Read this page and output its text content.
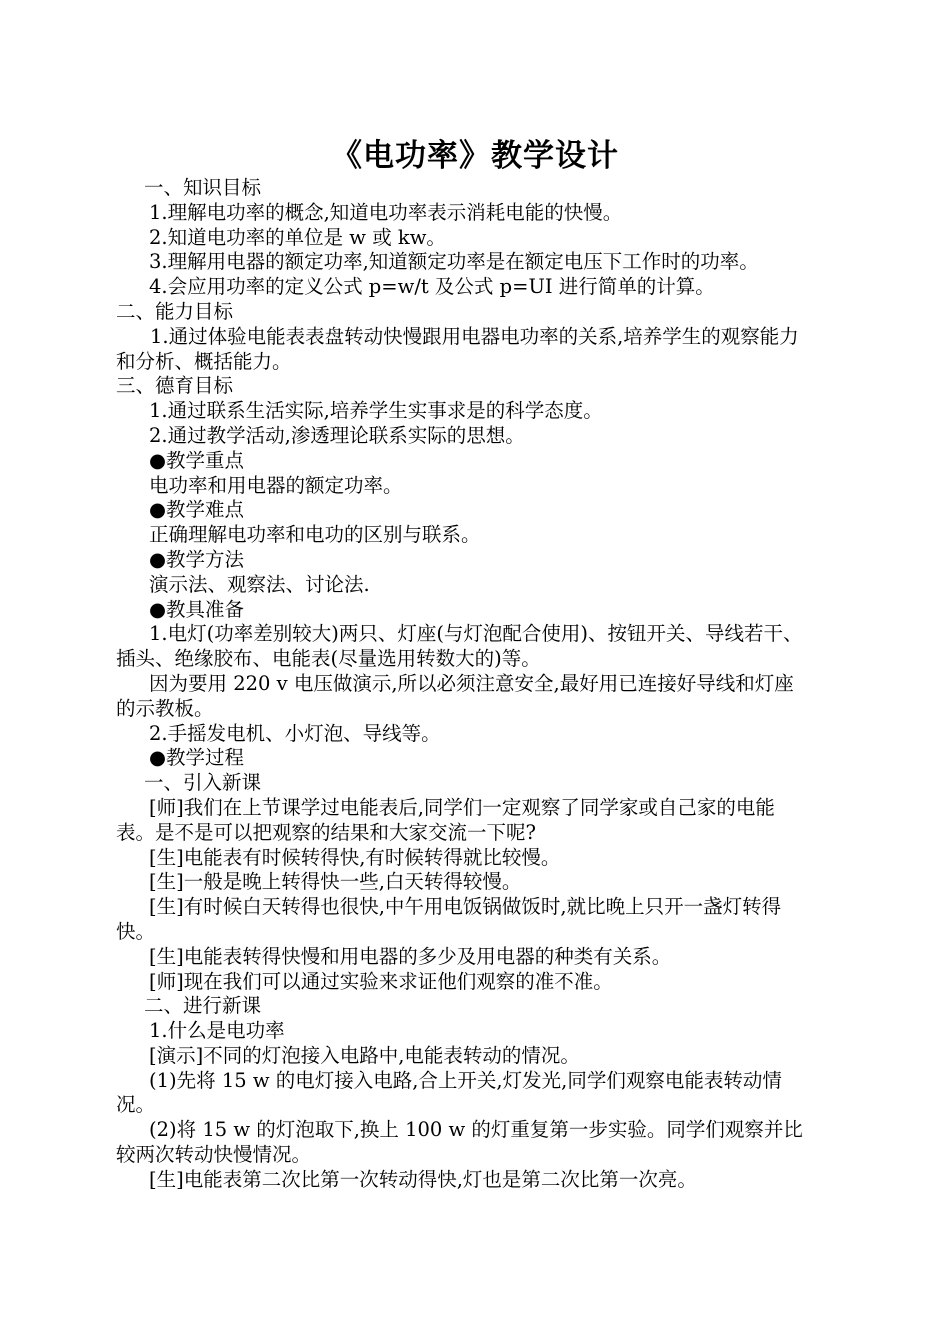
《电功率》教学设计

一、知识目标

1.理解电功率的概念,知道电功率表示消耗电能的快慢。

2.知道电功率的单位是 w 或 kw。

3.理解用电器的额定功率,知道额定功率是在额定电压下工作时的功率。

4.会应用功率的定义公式 p=w/t 及公式 p=UI 进行简单的计算。

二、能力目标

1.通过体验电能表表盘转动快慢跟用电器电功率的关系,培养学生的观察能力和分析、概括能力。

三、德育目标

1.通过联系生活实际,培养学生实事求是的科学态度。

2.通过教学活动,渗透理论联系实际的思想。

●教学重点

电功率和用电器的额定功率。

●教学难点

正确理解电功率和电功的区别与联系。

●教学方法

演示法、观察法、讨论法.

●教具准备

1.电灯(功率差别较大)两只、灯座(与灯泡配合使用)、按钮开关、导线若干、插头、绝缘胶布、电能表(尽量选用转数大的)等。

因为要用 220 v 电压做演示,所以必须注意安全,最好用已连接好导线和灯座的示教板。

2.手摇发电机、小灯泡、导线等。

●教学过程

一、引入新课

[师]我们在上节课学过电能表后,同学们一定观察了同学家或自己家的电能表。是不是可以把观察的结果和大家交流一下呢?

[生]电能表有时候转得快,有时候转得就比较慢。

[生]一般是晚上转得快一些,白天转得较慢。

[生]有时候白天转得也很快,中午用电饭锅做饭时,就比晚上只开一盏灯转得快。

[生]电能表转得快慢和用电器的多少及用电器的种类有关系。

[师]现在我们可以通过实验来求证他们观察的准不准。

二、进行新课

1.什么是电功率

[演示]不同的灯泡接入电路中,电能表转动的情况。

(1)先将 15 w 的电灯接入电路,合上开关,灯发光,同学们观察电能表转动情况。

(2)将 15 w 的灯泡取下,换上 100 w 的灯重复第一步实验。同学们观察并比较两次转动快慢情况。

[生]电能表第二次比第一次转动得快,灯也是第二次比第一次亮。
